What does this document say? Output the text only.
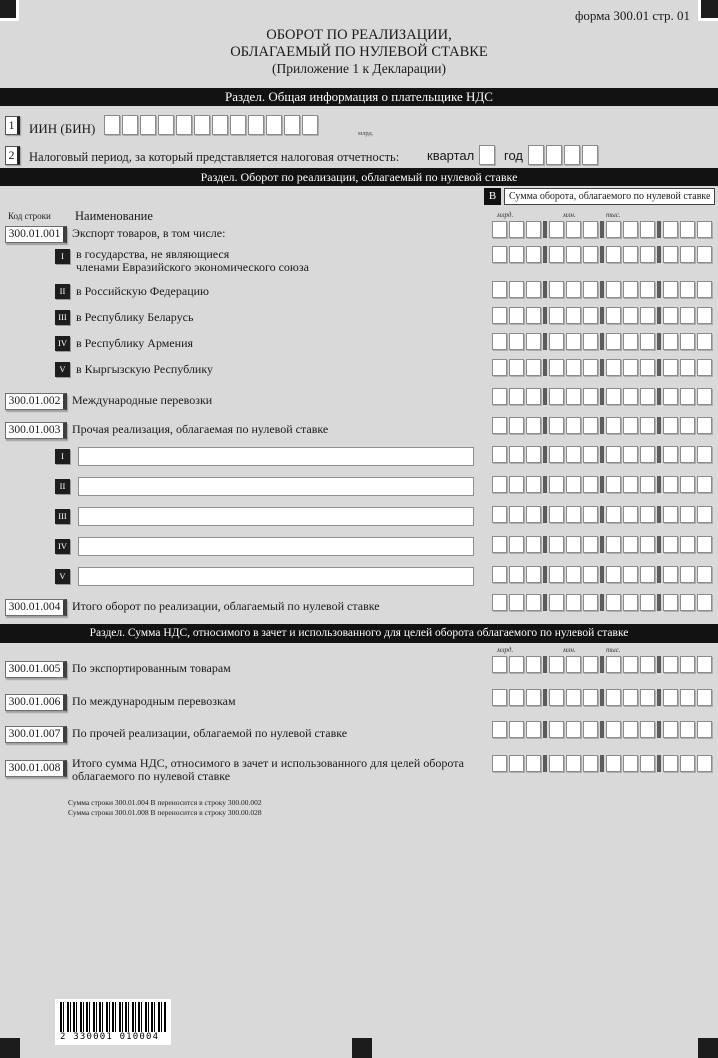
форма 300.01 стр. 01
ОБОРОТ ПО РЕАЛИЗАЦИИ,
ОБЛАГАЕМЫЙ ПО НУЛЕВОЙ СТАВКЕ
(Приложение 1 к Декларации)
Раздел. Общая информация о плательщике НДС
1	ИИН (БИН)	млрд.
2	Налоговый период, за который представляется налоговая отчетность: квартал год
Раздел. Оборот по реализации, облагаемый по нулевой ставке
В	Сумма оборота, облагаемого по нулевой ставке
млрд.	млн.	тыс.
Код строки Наименование
300.01.001 Экспорт товаров, в том числе:
I	в государства, не являющиеся
членами Евразийского экономического союза
II в Российскую Федерацию
III в Республику Беларусь
IV в Республику Армения
V в Кыргызскую Республику
300.01.002 Международные перевозки
300.01.003 Прочая реализация, облагаемая по нулевой ставке
I
II
III
IV
V
300.01.004 Итого оборот по реализации, облагаемый по нулевой ставке
Раздел. Сумма НДС, относимого в зачет и использованного для целей оборота облагаемого по нулевой ставке
млрд.	млн.	тыс.
300.01.005 По экспортированным товарам
300.01.006 По международным перевозкам
300.01.007 По прочей реализации, облагаемой по нулевой ставке
300.01.008 Итого сумма НДС, относимого в зачет и использованного для целей оборота
облагаемого по нулевой ставке
Сумма строки 300.01.004 В переносится в строку 300.00.002
Сумма строки 300.01.008 В переносится в строку 300.00.028
2 330001 010004
